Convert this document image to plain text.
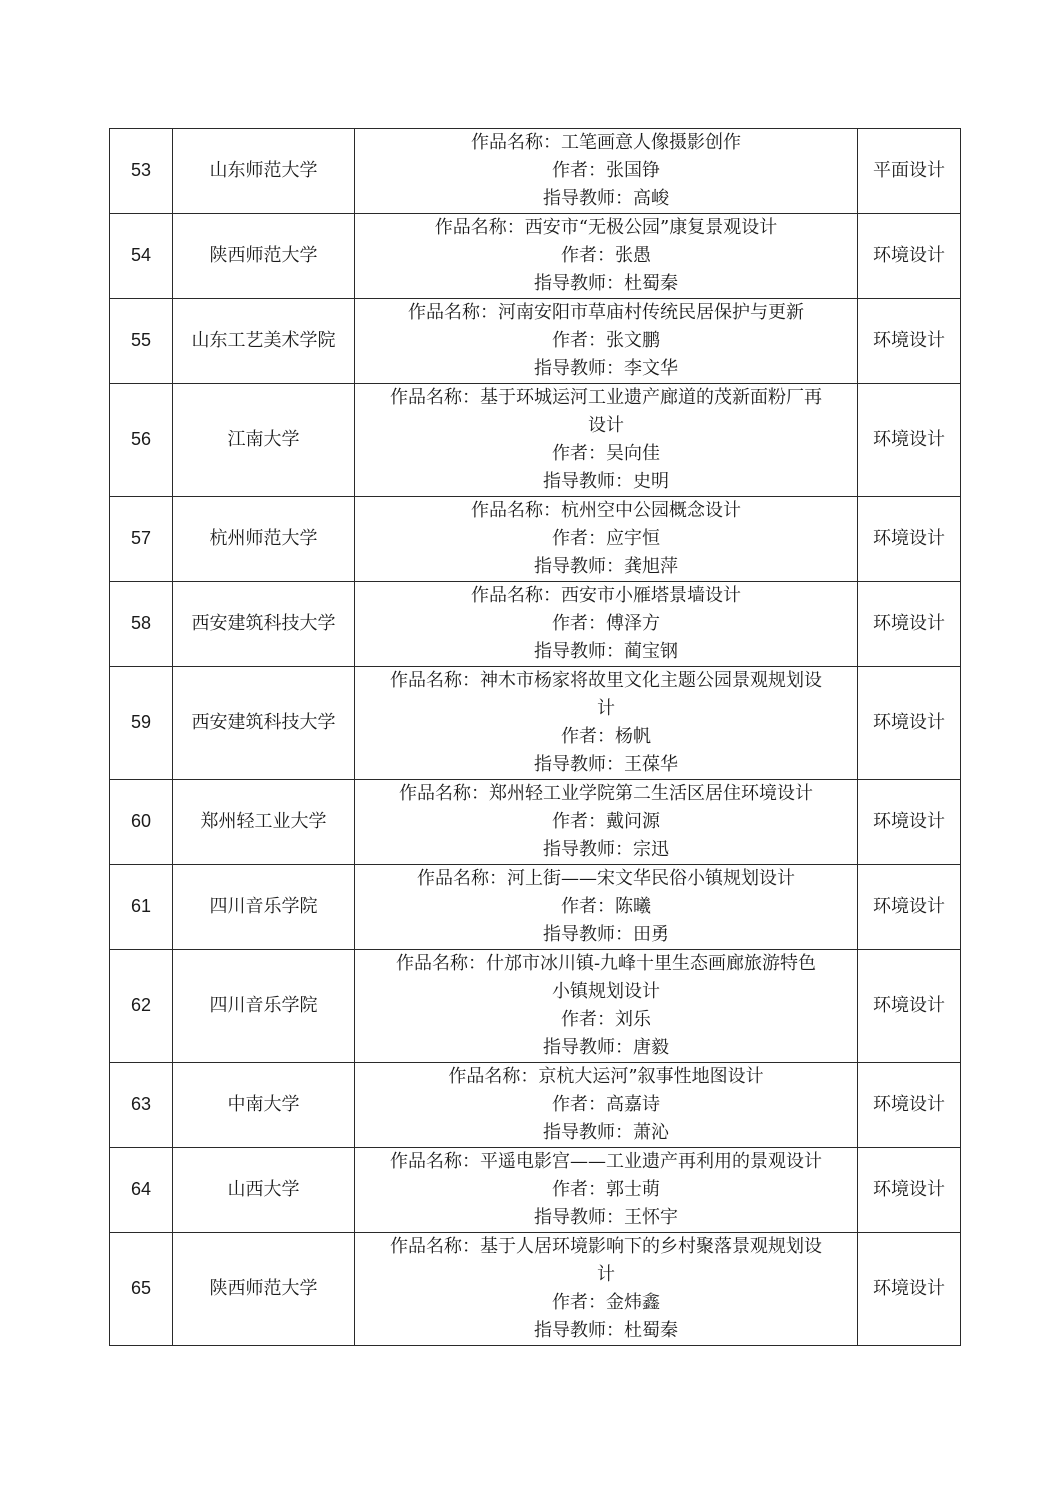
53	山东师范大学	作品名称：工笔画意人像摄影创作
作者：张国铮
指导教师：高峻	平面设计
54	陕西师范大学	作品名称：西安市“无极公园”康复景观设计
作者：张愚
指导教师：杜蜀秦	环境设计
55	山东工艺美术学院	作品名称：河南安阳市草庙村传统民居保护与更新
作者：张文鹏
指导教师：李文华	环境设计
56	江南大学	作品名称：基于环城运河工业遗产廊道的茂新面粉厂再
设计
作者：吴向佳
指导教师：史明	环境设计
57	杭州师范大学	作品名称：杭州空中公园概念设计
作者：应宇恒
指导教师：龚旭萍	环境设计
58	西安建筑科技大学	作品名称：西安市小雁塔景墙设计
作者：傅泽方
指导教师：蔺宝钢	环境设计
59	西安建筑科技大学	作品名称：神木市杨家将故里文化主题公园景观规划设
计
作者：杨帆
指导教师：王葆华	环境设计
60	郑州轻工业大学	作品名称：郑州轻工业学院第二生活区居住环境设计
作者：戴问源
指导教师：宗迅	环境设计
61	四川音乐学院	作品名称：河上街——宋文华民俗小镇规划设计
作者：陈曦
指导教师：田勇	环境设计
62	四川音乐学院	作品名称：什邡市冰川镇-九峰十里生态画廊旅游特色
小镇规划设计
作者：刘乐
指导教师：唐毅	环境设计
63	中南大学	作品名称：京杭大运河”叙事性地图设计
作者：高嘉诗
指导教师：萧沁	环境设计
64	山西大学	作品名称：平遥电影宫——工业遗产再利用的景观设计
作者：郭士萌
指导教师：王怀宇	环境设计
65	陕西师范大学	作品名称：基于人居环境影响下的乡村聚落景观规划设
计
作者：金炜鑫
指导教师：杜蜀秦	环境设计
